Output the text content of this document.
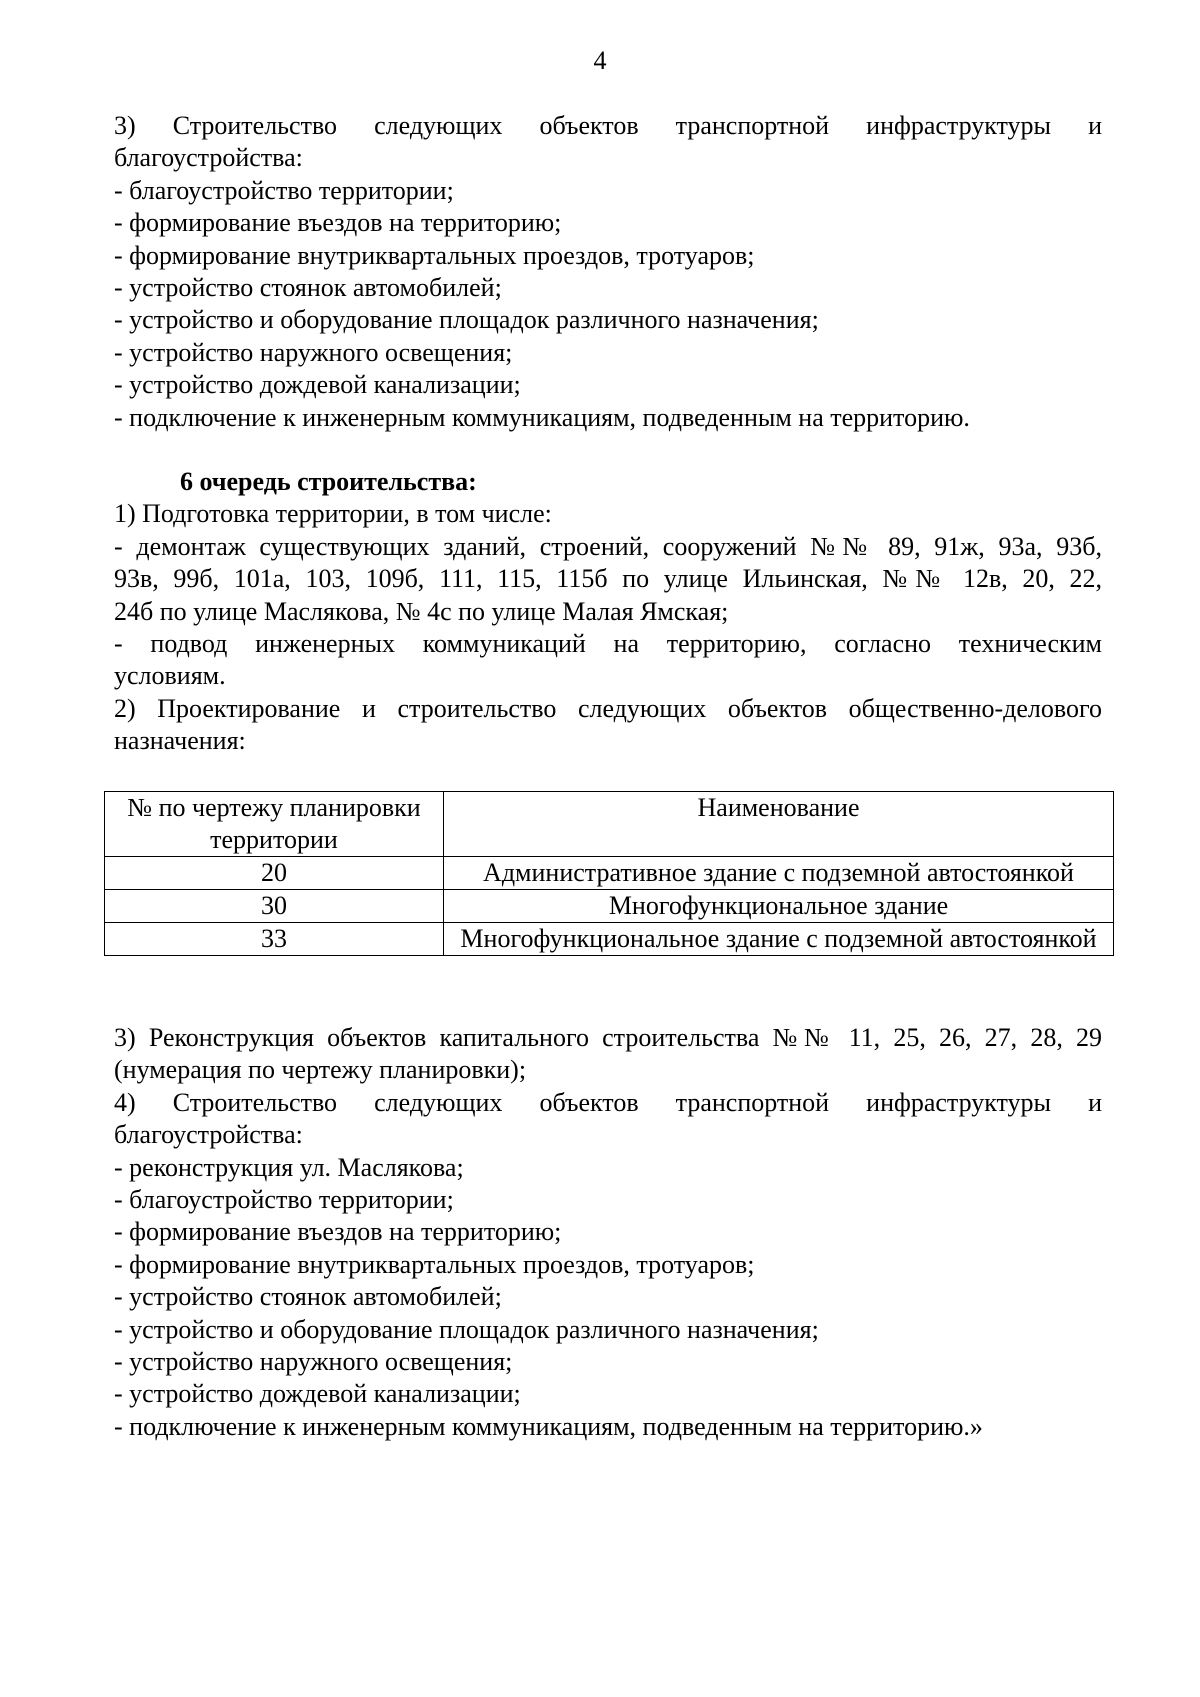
4

3) Строительство следующих объектов транспортной инфраструктуры и

благоустройства:

- благоустройство территории;

- формирование въездов на территорию;

- формирование внутриквартальных проездов, тротуаров;

- устройство стоянок автомобилей;

- устройство и оборудование площадок различного назначения;

- устройство наружного освещения;

- устройство дождевой канализации;

- подключение к инженерным коммуникациям, подведенным на территорию.

6 очередь строительства:

1) Подготовка территории, в том числе:

- демонтаж существующих зданий, строений, сооружений №№ 89, 91ж, 93а, 93б,

93в, 99б, 101а, 103, 109б, 111, 115, 115б по улице Ильинская, №№ 12в, 20, 22,

24б по улице Маслякова, № 4с по улице Малая Ямская;

- подвод инженерных коммуникаций на территорию, согласно техническим

условиям.

2) Проектирование и строительство следующих объектов общественно-делового

назначения:

№ по чертежу планировки территории	Наименование
20	Административное здание с подземной автостоянкой
30	Многофункциональное здание
33	Многофункциональное здание с подземной автостоянкой

3) Реконструкция объектов капитального строительства №№ 11, 25, 26, 27, 28, 29

(нумерация по чертежу планировки);

4) Строительство следующих объектов транспортной инфраструктуры и

благоустройства:

- реконструкция ул. Маслякова;

- благоустройство территории;

- формирование въездов на территорию;

- формирование внутриквартальных проездов, тротуаров;

- устройство стоянок автомобилей;

- устройство и оборудование площадок различного назначения;

- устройство наружного освещения;

- устройство дождевой канализации;

- подключение к инженерным коммуникациям, подведенным на территорию.»
